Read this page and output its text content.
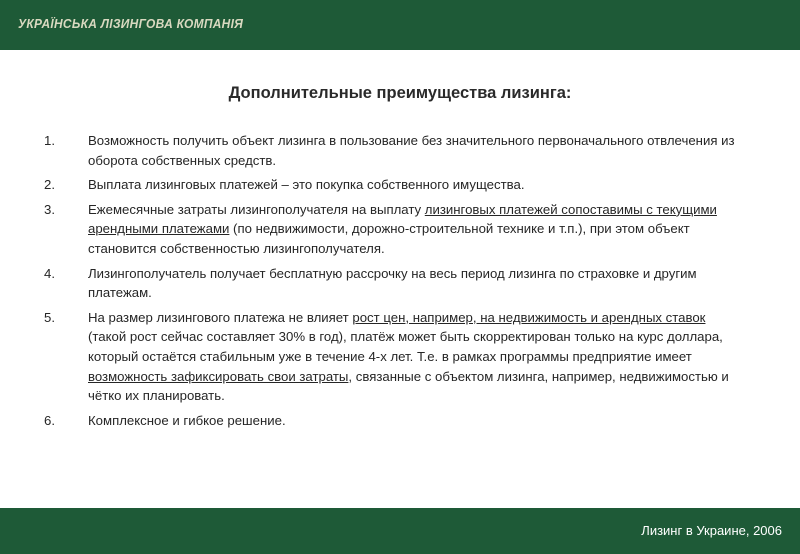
УКРАЇНСЬКА ЛІЗИНГОВА КОМПАНІЯ
Дополнительные преимущества лизинга:
1.	Возможность получить объект лизинга в пользование без значительного первоначального отвлечения из оборота собственных средств.
2.	Выплата лизинговых платежей – это покупка собственного имущества.
3.	Ежемесячные затраты лизингополучателя на выплату лизинговых платежей сопоставимы с текущими арендными платежами (по недвижимости, дорожно-строительной технике и т.п.), при этом объект становится собственностью лизингополучателя.
4.	Лизингополучатель получает бесплатную рассрочку на весь период лизинга по страховке и другим платежам.
5.	На размер лизингового платежа не влияет рост цен, например, на недвижимость и арендных ставок (такой рост сейчас составляет 30% в год), платёж может быть скорректирован только на курс доллара, который остаётся стабильным уже в течение 4-х лет. Т.е. в рамках программы предприятие имеет возможность зафиксировать свои затраты, связанные с объектом лизинга, например, недвижимостью и чётко их планировать.
6.	Комплексное и гибкое решение.
Лизинг в Украине, 2006
